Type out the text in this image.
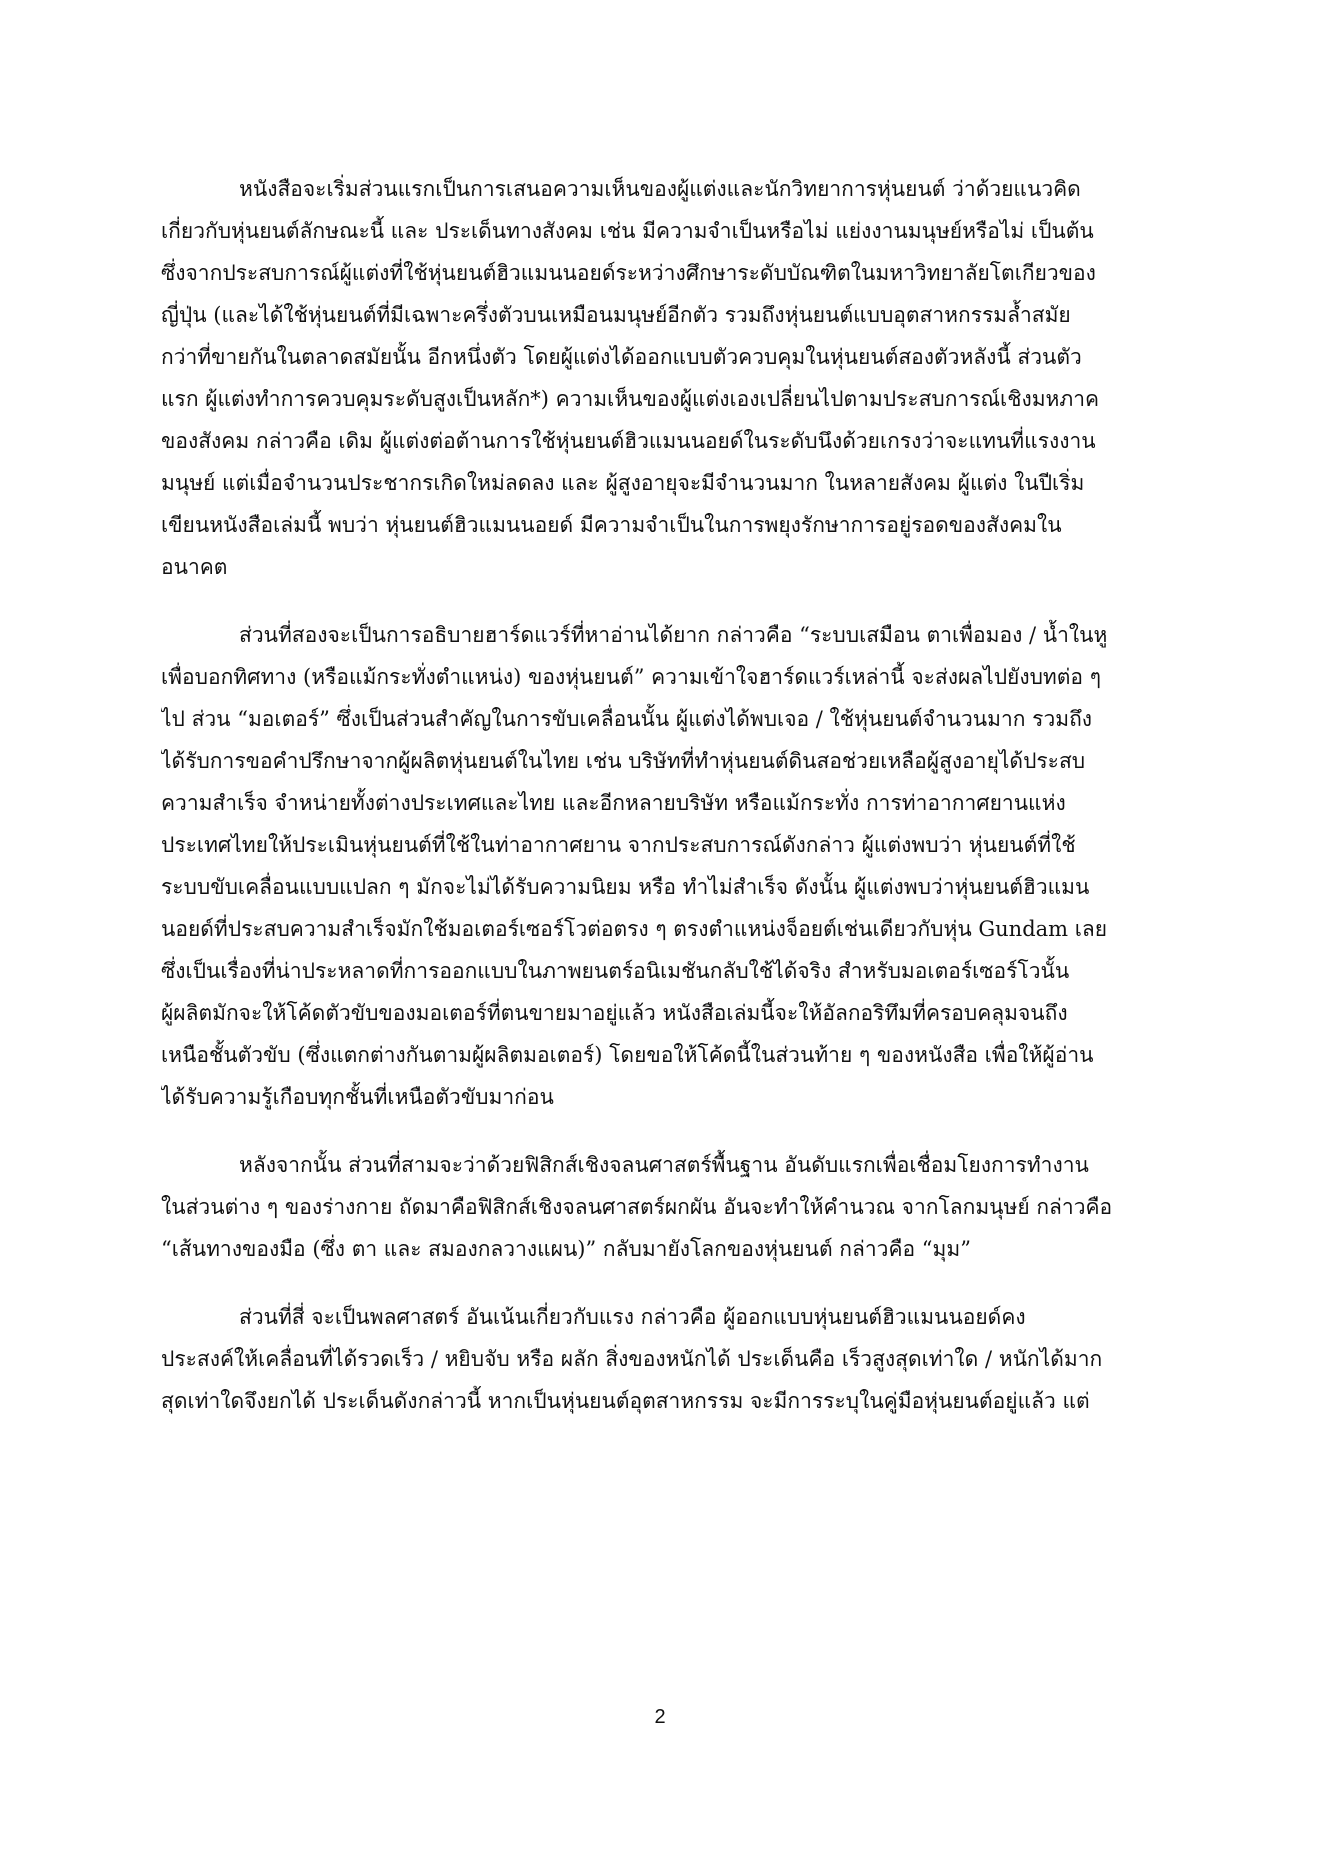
หนังสือจะเริ่มส่วนแรกเป็นการเสนอความเห็นของผู้แต่งและนักวิทยาการหุ่นยนต์ ว่าด้วยแนวคิด
เกี่ยวกับหุ่นยนต์ลักษณะนี้ และ ประเด็นทางสังคม เช่น มีความจำเป็นหรือไม่ แย่งงานมนุษย์หรือไม่ เป็นต้น
ซึ่งจากประสบการณ์ผู้แต่งที่ใช้หุ่นยนต์ฮิวแมนนอยด์ระหว่างศึกษาระดับบัณฑิตในมหาวิทยาลัยโตเกียวของ
ญี่ปุ่น (และได้ใช้หุ่นยนต์ที่มีเฉพาะครึ่งตัวบนเหมือนมนุษย์อีกตัว รวมถึงหุ่นยนต์แบบอุตสาหกรรมล้ำสมัย
กว่าที่ขายกันในตลาดสมัยนั้น อีกหนึ่งตัว โดยผู้แต่งได้ออกแบบตัวควบคุมในหุ่นยนต์สองตัวหลังนี้ ส่วนตัว
แรก ผู้แต่งทำการควบคุมระดับสูงเป็นหลัก*) ความเห็นของผู้แต่งเองเปลี่ยนไปตามประสบการณ์เชิงมหภาค
ของสังคม กล่าวคือ เดิม ผู้แต่งต่อต้านการใช้หุ่นยนต์ฮิวแมนนอยด์ในระดับนึงด้วยเกรงว่าจะแทนที่แรงงาน
มนุษย์ แต่เมื่อจำนวนประชากรเกิดใหม่ลดลง และ ผู้สูงอายุจะมีจำนวนมาก ในหลายสังคม ผู้แต่ง ในปีเริ่ม
เขียนหนังสือเล่มนี้ พบว่า หุ่นยนต์ฮิวแมนนอยด์ มีความจำเป็นในการพยุงรักษาการอยู่รอดของสังคมใน
อนาคต
ส่วนที่สองจะเป็นการอธิบายฮาร์ดแวร์ที่หาอ่านได้ยาก กล่าวคือ “ระบบเสมือน ตาเพื่อมอง / น้ำในหู
เพื่อบอกทิศทาง (หรือแม้กระทั่งตำแหน่ง) ของหุ่นยนต์” ความเข้าใจฮาร์ดแวร์เหล่านี้ จะส่งผลไปยังบทต่อ ๆ
ไป ส่วน “มอเตอร์” ซึ่งเป็นส่วนสำคัญในการขับเคลื่อนนั้น ผู้แต่งได้พบเจอ / ใช้หุ่นยนต์จำนวนมาก รวมถึง
ได้รับการขอคำปรึกษาจากผู้ผลิตหุ่นยนต์ในไทย เช่น บริษัทที่ทำหุ่นยนต์ดินสอช่วยเหลือผู้สูงอายุได้ประสบ
ความสำเร็จ จำหน่ายทั้งต่างประเทศและไทย และอีกหลายบริษัท หรือแม้กระทั่ง การท่าอากาศยานแห่ง
ประเทศไทยให้ประเมินหุ่นยนต์ที่ใช้ในท่าอากาศยาน จากประสบการณ์ดังกล่าว ผู้แต่งพบว่า หุ่นยนต์ที่ใช้
ระบบขับเคลื่อนแบบแปลก ๆ มักจะไม่ได้รับความนิยม หรือ ทำไม่สำเร็จ ดังนั้น ผู้แต่งพบว่าหุ่นยนต์ฮิวแมน
นอยด์ที่ประสบความสำเร็จมักใช้มอเตอร์เซอร์โวต่อตรง ๆ ตรงตำแหน่งจ็อยต์เช่นเดียวกับหุ่น Gundam เลย
ซึ่งเป็นเรื่องที่น่าประหลาดที่การออกแบบในภาพยนตร์อนิเมชันกลับใช้ได้จริง สำหรับมอเตอร์เซอร์โวนั้น
ผู้ผลิตมักจะให้โค้ดตัวขับของมอเตอร์ที่ตนขายมาอยู่แล้ว หนังสือเล่มนี้จะให้อัลกอริทึมที่ครอบคลุมจนถึง
เหนือชั้นตัวขับ (ซึ่งแตกต่างกันตามผู้ผลิตมอเตอร์) โดยขอให้โค้ดนี้ในส่วนท้าย ๆ ของหนังสือ เพื่อให้ผู้อ่าน
ได้รับความรู้เกือบทุกชั้นที่เหนือตัวขับมาก่อน
หลังจากนั้น ส่วนที่สามจะว่าด้วยฟิสิกส์เชิงจลนศาสตร์พื้นฐาน อันดับแรกเพื่อเชื่อมโยงการทำงาน
ในส่วนต่าง ๆ ของร่างกาย ถัดมาคือฟิสิกส์เชิงจลนศาสตร์ผกผัน อันจะทำให้คำนวณ จากโลกมนุษย์ กล่าวคือ
“เส้นทางของมือ (ซึ่ง ตา และ สมองกลวางแผน)” กลับมายังโลกของหุ่นยนต์ กล่าวคือ “มุม”
ส่วนที่สี่ จะเป็นพลศาสตร์ อันเน้นเกี่ยวกับแรง กล่าวคือ ผู้ออกแบบหุ่นยนต์ฮิวแมนนอยด์คง
ประสงค์ให้เคลื่อนที่ได้รวดเร็ว / หยิบจับ หรือ ผลัก สิ่งของหนักได้ ประเด็นคือ เร็วสูงสุดเท่าใด / หนักได้มาก
สุดเท่าใดจึงยกได้ ประเด็นดังกล่าวนี้ หากเป็นหุ่นยนต์อุตสาหกรรม จะมีการระบุในคู่มือหุ่นยนต์อยู่แล้ว แต่
2
